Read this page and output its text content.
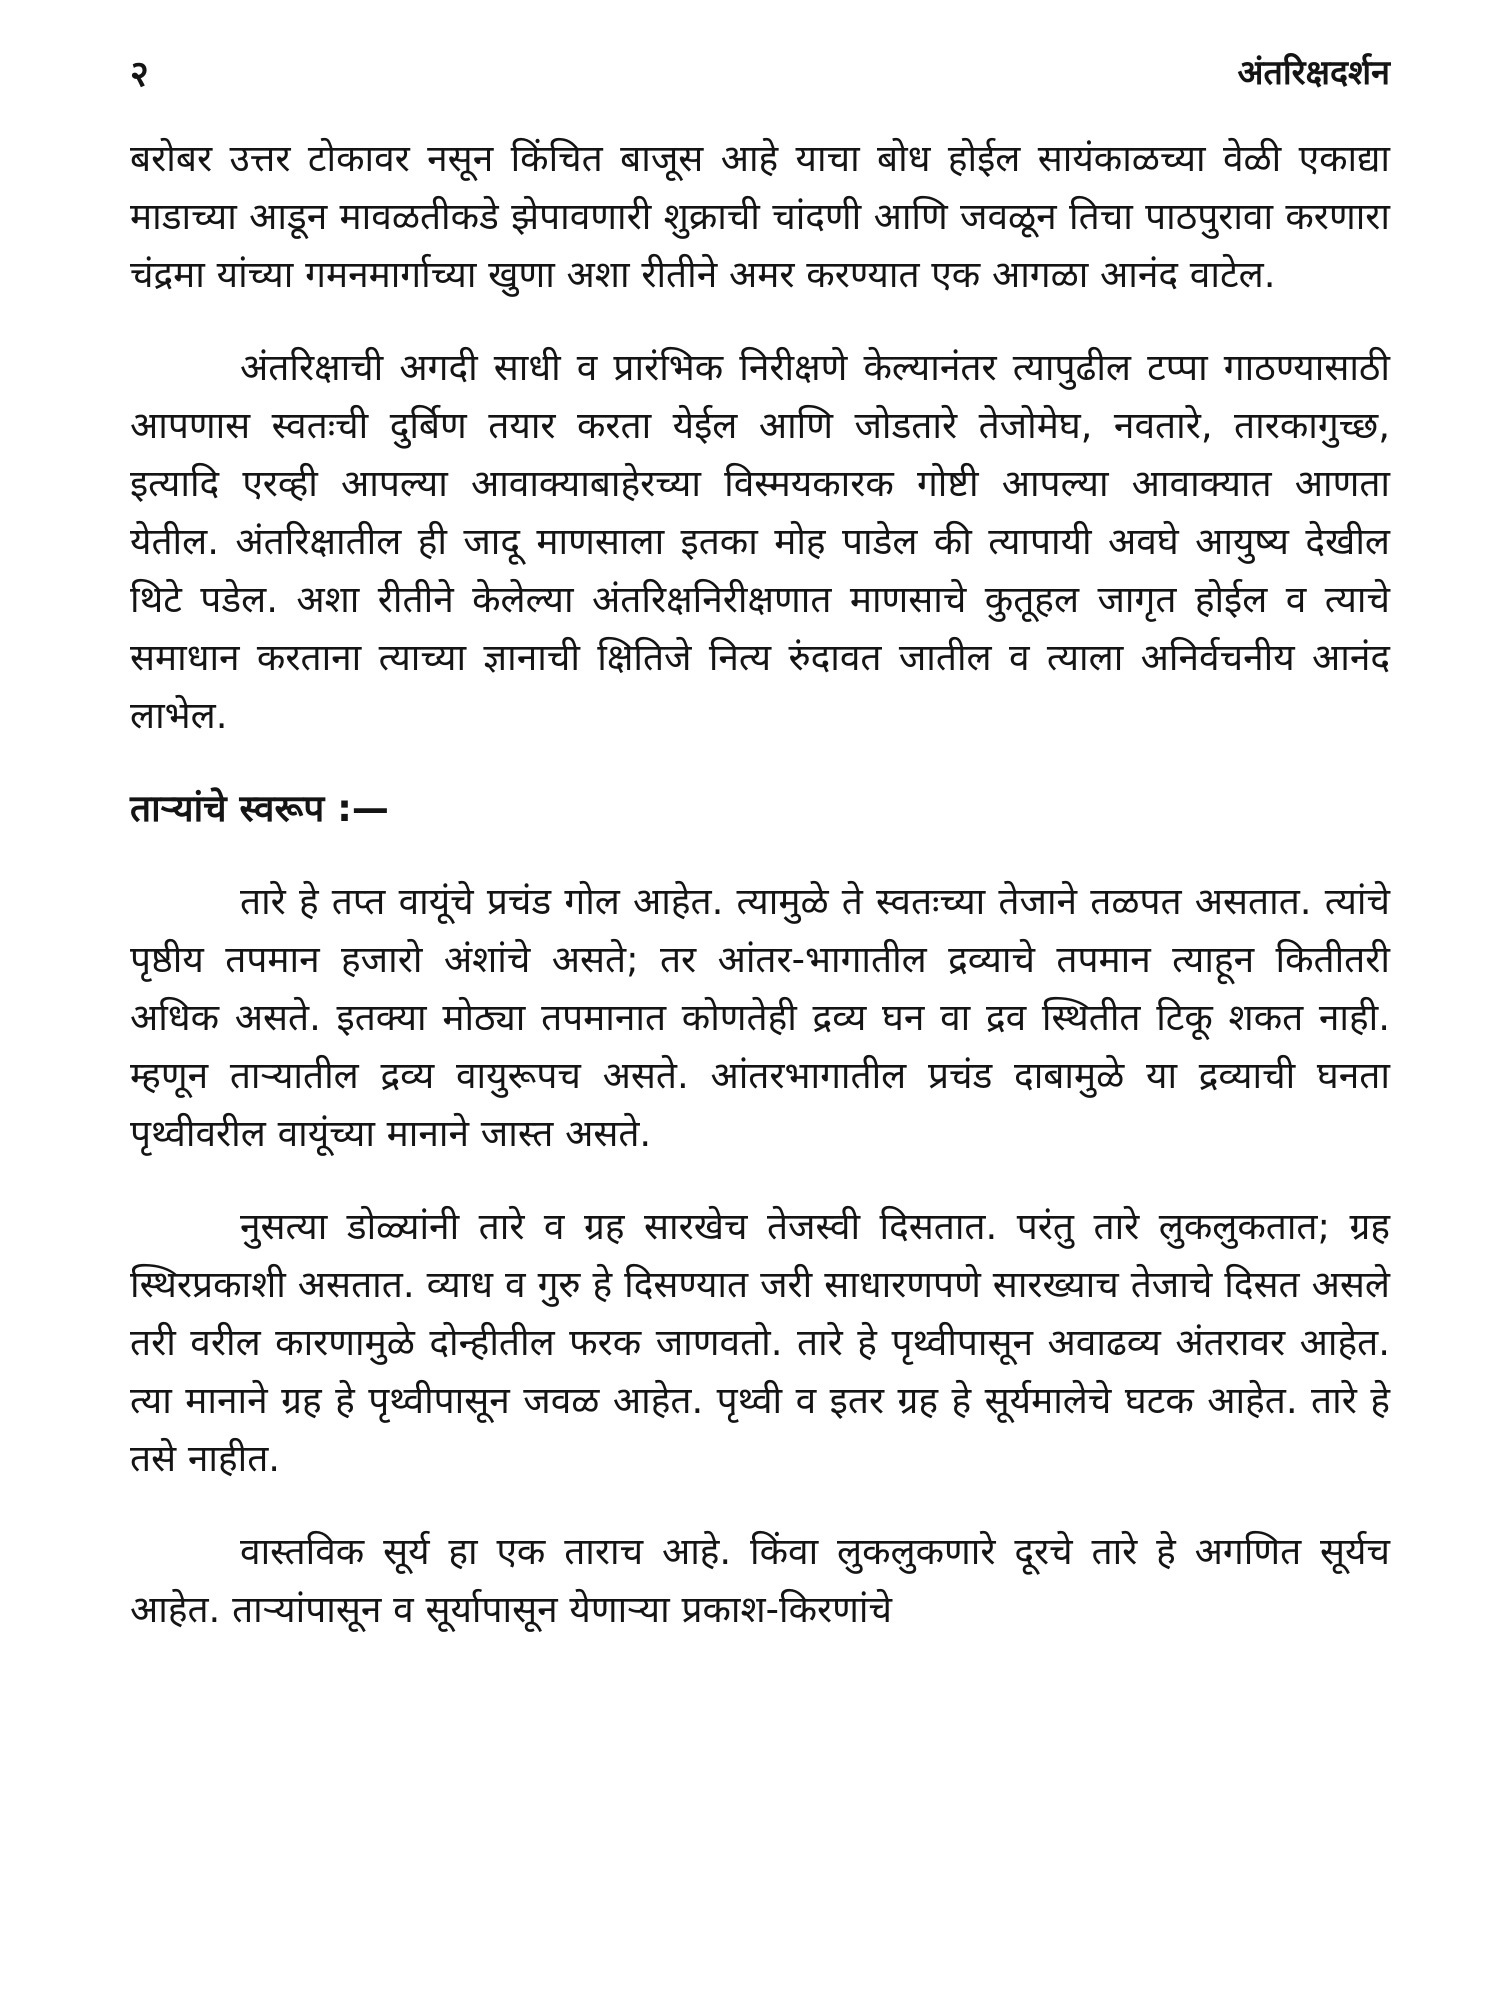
२	अंतरिक्षदर्शन

बरोबर उत्तर टोकावर नसून किंचित बाजूस आहे याचा बोध होईल सायंकाळच्या वेळी एकाद्या माडाच्या आडून मावळतीकडे झेपावणारी शुक्राची चांदणी आणि जवळून तिचा पाठपुरावा करणारा चंद्रमा यांच्या गमनमार्गाच्या खुणा अशा रीतीने अमर करण्यात एक आगळा आनंद वाटेल.

अंतरिक्षाची अगदी साधी व प्रारंभिक निरीक्षणे केल्यानंतर त्यापुढील टप्पा गाठण्यासाठी आपणास स्वतःची दुर्बिण तयार करता येईल आणि जोडतारे तेजोमेघ, नवतारे, तारकागुच्छ, इत्यादि एरव्ही आपल्या आवाक्याबाहेरच्या विस्मयकारक गोष्टी आपल्या आवाक्यात आणता येतील. अंतरिक्षातील ही जादू माणसाला इतका मोह पाडेल की त्यापायी अवघे आयुष्य देखील थिटे पडेल. अशा रीतीने केलेल्या अंतरिक्षनिरीक्षणात माणसाचे कुतूहल जागृत होईल व त्याचे समाधान करताना त्याच्या ज्ञानाची क्षितिजे नित्य रुंदावत जातील व त्याला अनिर्वचनीय आनंद लाभेल.

ताऱ्यांचे स्वरूप :—

तारे हे तप्त वायूंचे प्रचंड गोल आहेत. त्यामुळे ते स्वतःच्या तेजाने तळपत असतात. त्यांचे पृष्ठीय तपमान हजारो अंशांचे असते; तर आंतर-भागातील द्रव्याचे तपमान त्याहून कितीतरी अधिक असते. इतक्या मोठ्या तपमानात कोणतेही द्रव्य घन वा द्रव स्थितीत टिकू शकत नाही. म्हणून ताऱ्यातील द्रव्य वायुरूपच असते. आंतरभागातील प्रचंड दाबामुळे या द्रव्याची घनता पृथ्वीवरील वायूंच्या मानाने जास्त असते.

नुसत्या डोळ्यांनी तारे व ग्रह सारखेच तेजस्वी दिसतात. परंतु तारे लुकलुकतात; ग्रह स्थिरप्रकाशी असतात. व्याध व गुरु हे दिसण्यात जरी साधारणपणे सारख्याच तेजाचे दिसत असले तरी वरील कारणामुळे दोन्हीतील फरक जाणवतो. तारे हे पृथ्वीपासून अवाढव्य अंतरावर आहेत. त्या मानाने ग्रह हे पृथ्वीपासून जवळ आहेत. पृथ्वी व इतर ग्रह हे सूर्यमालेचे घटक आहेत. तारे हे तसे नाहीत.

वास्तविक सूर्य हा एक ताराच आहे. किंवा लुकलुकणारे दूरचे तारे हे अगणित सूर्यच आहेत. ताऱ्यांपासून व सूर्यापासून येणाऱ्या प्रकाश-किरणांचे
